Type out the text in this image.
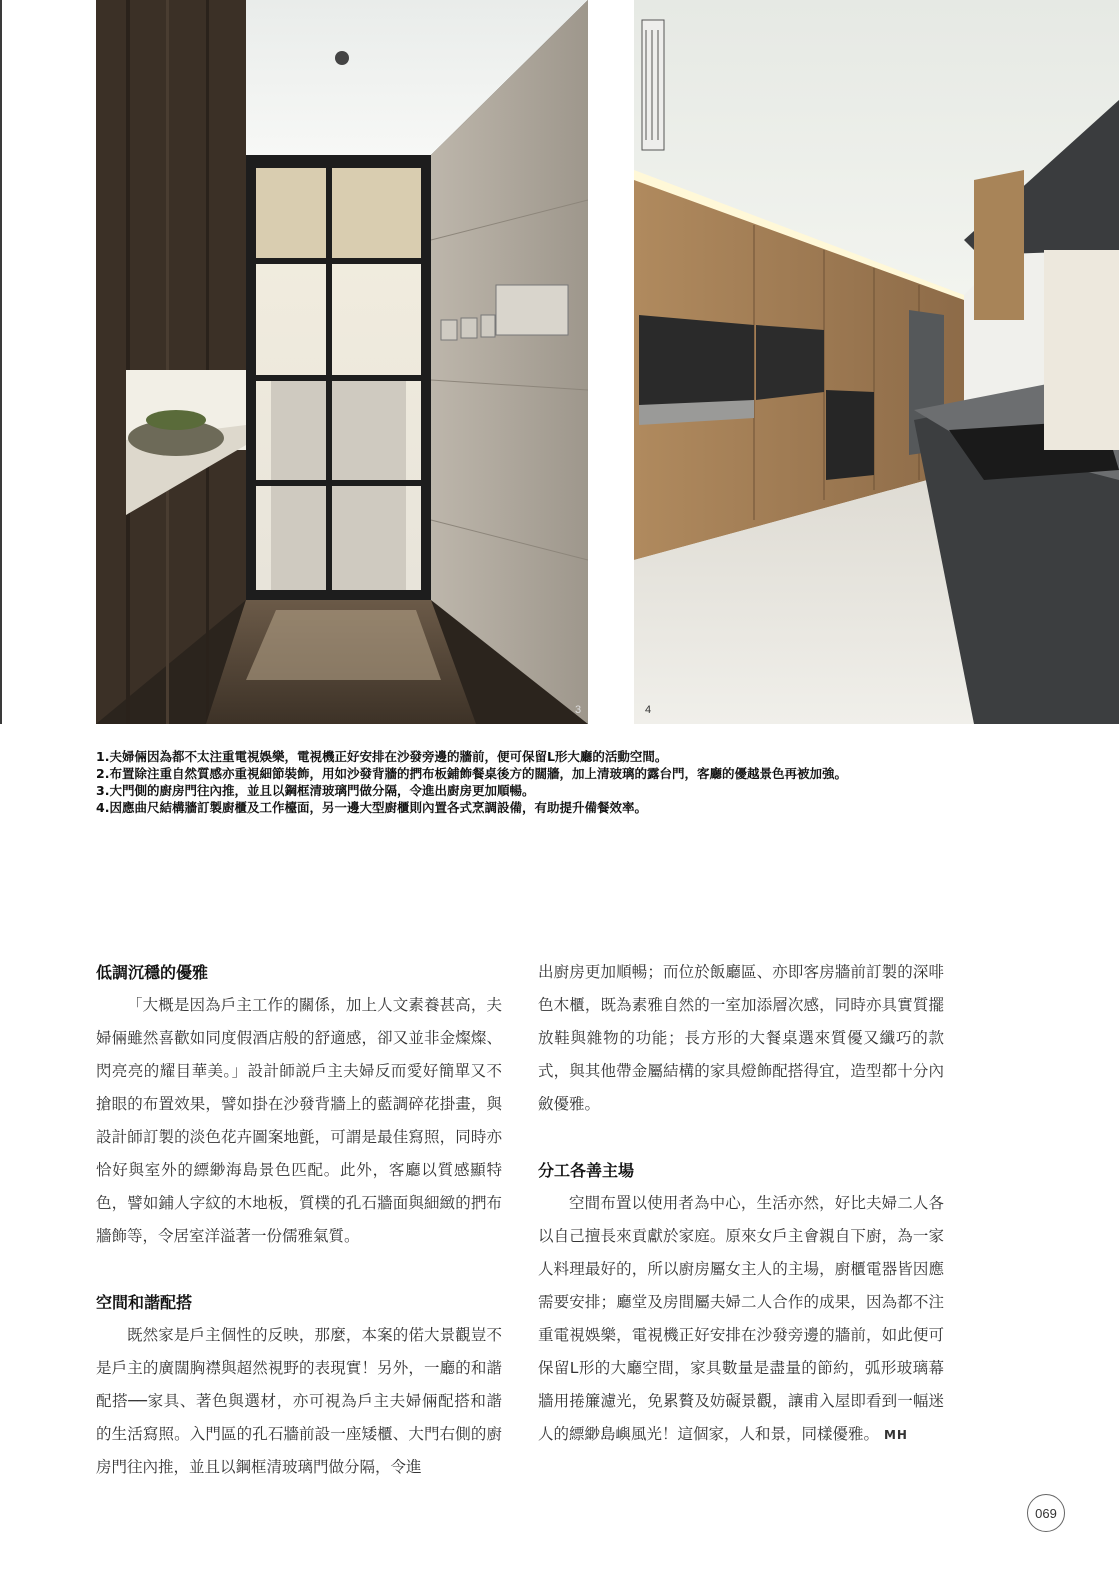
3	4
1.夫婦倆因為都不太注重電視娛樂，電視機正好安排在沙發旁邊的牆前，便可保留L形大廳的活動空間。
2.布置除注重自然質感亦重視細節裝飾，用如沙發背牆的捫布板鋪飾餐桌後方的闊牆，加上清玻璃的露台門，客廳的優越景色再被加強。
3.大門側的廚房門往內推，並且以鋼框清玻璃門做分隔，令進出廚房更加順暢。
4.因應曲尺結構牆訂製廚櫃及工作檯面，另一邊大型廚櫃則內置各式烹調設備，有助提升備餐效率。
低調沉穩的優雅

「大概是因為戶主工作的關係，加上人文素養甚高，夫婦倆雖然喜歡如同度假酒店般的舒適感，卻又並非金燦燦、閃亮亮的耀目華美。」設計師説戶主夫婦反而愛好簡單又不搶眼的布置效果，譬如掛在沙發背牆上的藍調碎花掛畫，與設計師訂製的淡色花卉圖案地氈，可謂是最佳寫照，同時亦恰好與室外的縹緲海島景色匹配。此外，客廳以質感顯特色，譬如鋪人字紋的木地板，質樸的孔石牆面與細緻的捫布牆飾等，令居室洋溢著一份儒雅氣質。

空間和諧配搭

既然家是戶主個性的反映，那麼，本案的偌大景觀豈不是戶主的廣闊胸襟與超然視野的表現實！另外，一廳的和諧配搭──家具、著色與選材，亦可視為戶主夫婦倆配搭和諧的生活寫照。入門區的孔石牆前設一座矮櫃、大門右側的廚房門往內推，並且以鋼框清玻璃門做分隔，令進

出廚房更加順暢；而位於飯廳區、亦即客房牆前訂製的深啡色木櫃，既為素雅自然的一室加添層次感，同時亦具實質擺放鞋與雜物的功能；長方形的大餐桌選來質優又纖巧的款式，與其他帶金屬結構的家具燈飾配搭得宜，造型都十分內斂優雅。

分工各善主場

空間布置以使用者為中心，生活亦然，好比夫婦二人各以自己擅長來貢獻於家庭。原來女戶主會親自下廚，為一家人料理最好的，所以廚房屬女主人的主場，廚櫃電器皆因應需要安排；廳堂及房間屬夫婦二人合作的成果，因為都不注重電視娛樂，電視機正好安排在沙發旁邊的牆前，如此便可保留L形的大廳空間，家具數量是盡量的節約，弧形玻璃幕牆用捲簾濾光，免累贅及妨礙景觀，讓甫入屋即看到一幅迷人的縹緲島嶼風光！這個家，人和景，同樣優雅。 MH

069
